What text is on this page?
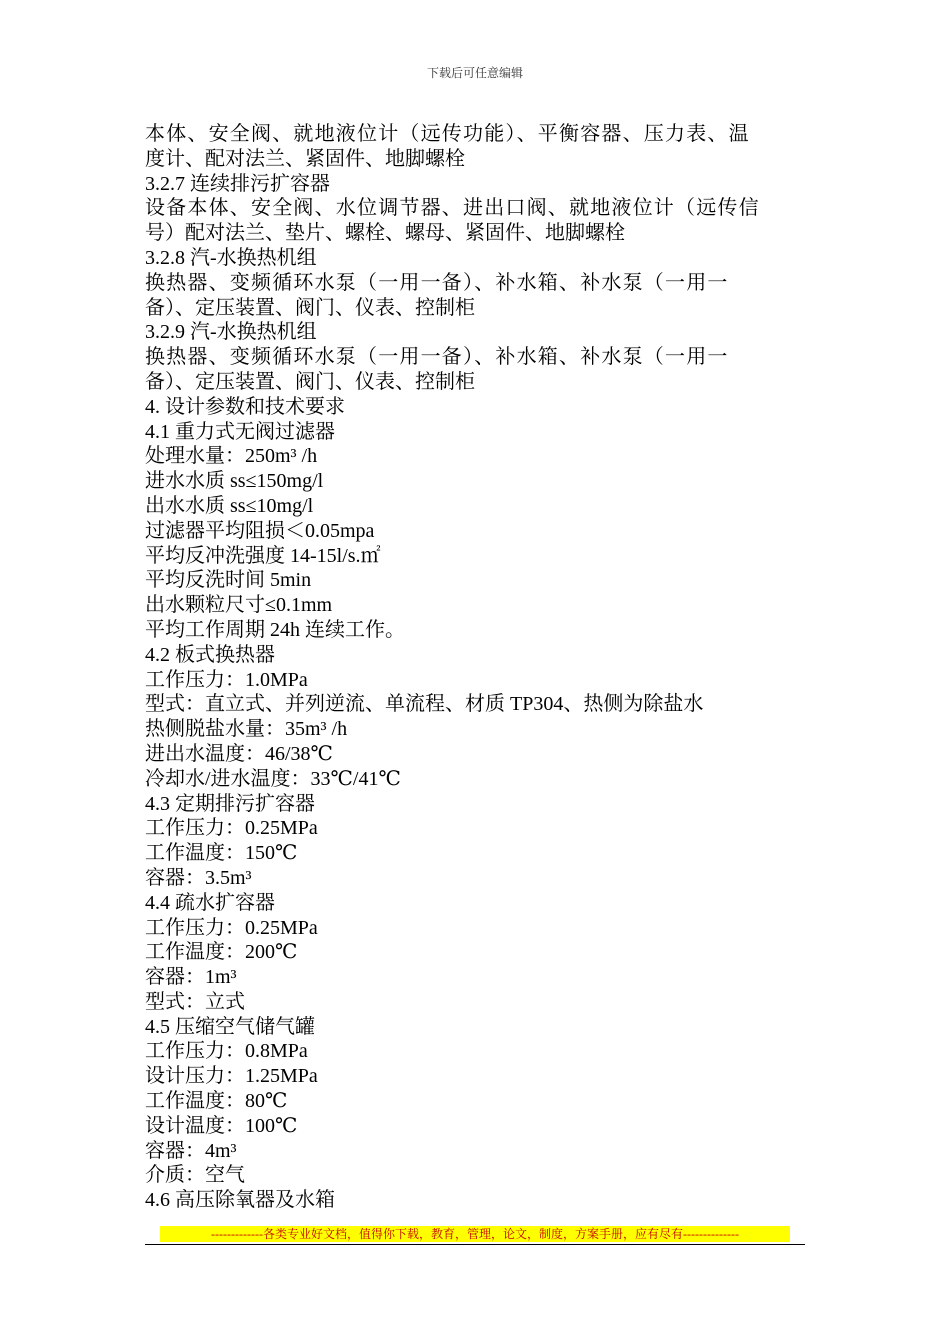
下载后可任意编辑
本体、安全阀、就地液位计（远传功能）、平衡容器、压力表、温
度计、配对法兰、紧固件、地脚螺栓
3.2.7 连续排污扩容器
设备本体、安全阀、水位调节器、进出口阀、就地液位计（远传信
号）配对法兰、垫片、螺栓、螺母、紧固件、地脚螺栓
3.2.8 汽-水换热机组
换热器、变频循环水泵（一用一备）、补水箱、补水泵（一用一
备）、定压装置、阀门、仪表、控制柜
3.2.9 汽-水换热机组
换热器、变频循环水泵（一用一备）、补水箱、补水泵（一用一
备）、定压装置、阀门、仪表、控制柜
4. 设计参数和技术要求
4.1 重力式无阀过滤器
处理水量：250m³ /h
进水水质 ss≤150mg/l
出水水质 ss≤10mg/l
过滤器平均阻损＜0.05mpa
平均反冲洗强度 14-15l/s.㎡
平均反洗时间 5min
出水颗粒尺寸≤0.1mm
平均工作周期 24h 连续工作。
4.2 板式换热器
工作压力：1.0MPa
型式：直立式、并列逆流、单流程、材质 TP304、热侧为除盐水
热侧脱盐水量：35m³ /h
进出水温度：46/38℃
冷却水/进水温度：33℃/41℃
4.3 定期排污扩容器
工作压力：0.25MPa
工作温度：150℃
容器：3.5m³
4.4 疏水扩容器
工作压力：0.25MPa
工作温度：200℃
容器：1m³
型式：立式
4.5 压缩空气储气罐
工作压力：0.8MPa
设计压力：1.25MPa
工作温度：80℃
设计温度：100℃
容器：4m³
介质：空气
4.6 高压除氧器及水箱
-------------各类专业好文档，值得你下载，教育，管理，论文，制度，方案手册，应有尽有--------------
